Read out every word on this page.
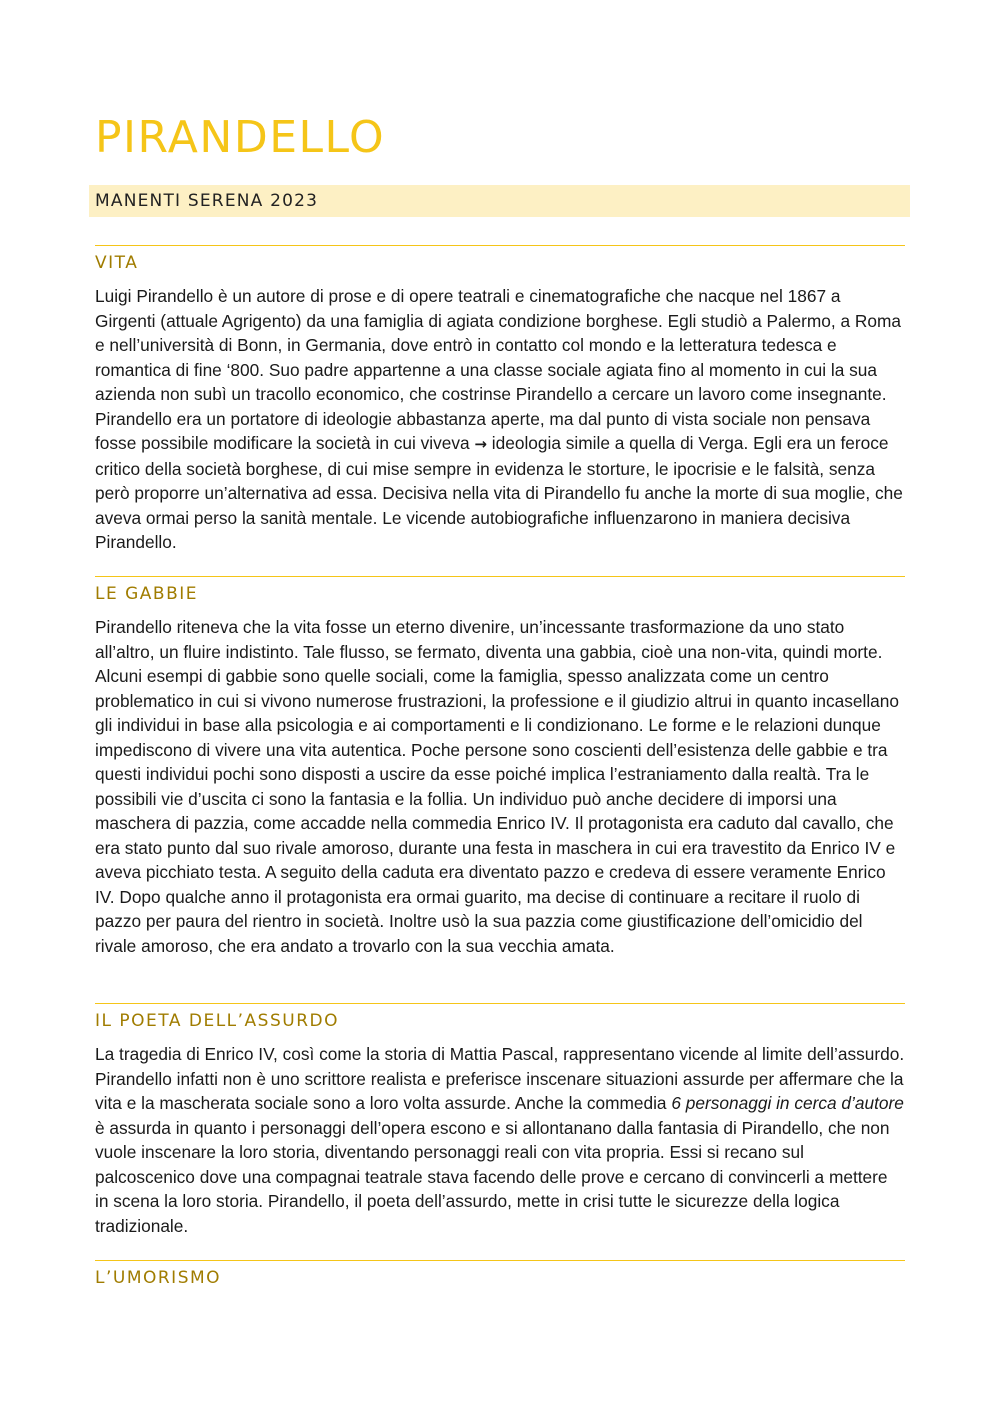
PIRANDELLO
MANENTI SERENA 2023
VITA

Luigi Pirandello è un autore di prose e di opere teatrali e cinematografiche che nacque nel 1867 a Girgenti (attuale Agrigento) da una famiglia di agiata condizione borghese. Egli studiò a Palermo, a Roma e nell’università di Bonn, in Germania, dove entrò in contatto col mondo e la letteratura tedesca e romantica di fine ‘800. Suo padre appartenne a una classe sociale agiata fino al momento in cui la sua azienda non subì un tracollo economico, che costrinse Pirandello a cercare un lavoro come insegnante. Pirandello era un portatore di ideologie abbastanza aperte, ma dal punto di vista sociale non pensava fosse possibile modificare la società in cui viveva → ideologia simile a quella di Verga. Egli era un feroce critico della società borghese, di cui mise sempre in evidenza le storture, le ipocrisie e le falsità, senza però proporre un’alternativa ad essa. Decisiva nella vita di Pirandello fu anche la morte di sua moglie, che aveva ormai perso la sanità mentale. Le vicende autobiografiche influenzarono in maniera decisiva Pirandello.

LE GABBIE

Pirandello riteneva che la vita fosse un eterno divenire, un’incessante trasformazione da uno stato all’altro, un fluire indistinto. Tale flusso, se fermato, diventa una gabbia, cioè una non-vita, quindi morte. Alcuni esempi di gabbie sono quelle sociali, come la famiglia, spesso analizzata come un centro problematico in cui si vivono numerose frustrazioni, la professione e il giudizio altrui in quanto incasellano gli individui in base alla psicologia e ai comportamenti e li condizionano. Le forme e le relazioni dunque impediscono di vivere una vita autentica. Poche persone sono coscienti dell’esistenza delle gabbie e tra questi individui pochi sono disposti a uscire da esse poiché implica l’estraniamento dalla realtà. Tra le possibili vie d’uscita ci sono la fantasia e la follia. Un individuo può anche decidere di imporsi una maschera di pazzia, come accadde nella commedia Enrico IV. Il protagonista era caduto dal cavallo, che era stato punto dal suo rivale amoroso, durante una festa in maschera in cui era travestito da Enrico IV e aveva picchiato testa. A seguito della caduta era diventato pazzo e credeva di essere veramente Enrico IV. Dopo qualche anno il protagonista era ormai guarito, ma decise di continuare a recitare il ruolo di pazzo per paura del rientro in società. Inoltre usò la sua pazzia come giustificazione dell’omicidio del rivale amoroso, che era andato a trovarlo con la sua vecchia amata.

IL POETA DELL’ASSURDO

La tragedia di Enrico IV, così come la storia di Mattia Pascal, rappresentano vicende al limite dell’assurdo. Pirandello infatti non è uno scrittore realista e preferisce inscenare situazioni assurde per affermare che la vita e la mascherata sociale sono a loro volta assurde. Anche la commedia 6 personaggi in cerca d’autore è assurda in quanto i personaggi dell’opera escono e si allontanano dalla fantasia di Pirandello, che non vuole inscenare la loro storia, diventando personaggi reali con vita propria. Essi si recano sul palcoscenico dove una compagnai teatrale stava facendo delle prove e cercano di convincerli a mettere in scena la loro storia. Pirandello, il poeta dell’assurdo, mette in crisi tutte le sicurezze della logica tradizionale.

L’UMORISMO
